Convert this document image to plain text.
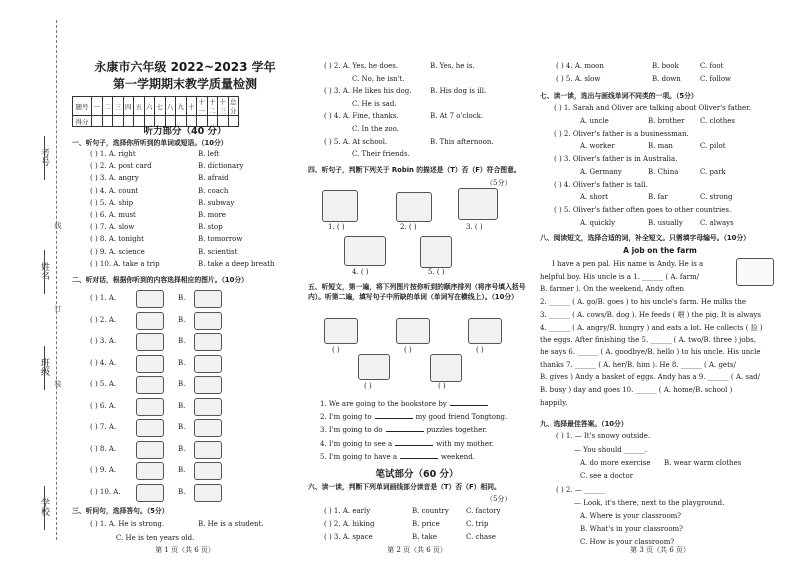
考号
姓名
班级
学校
线
订
装
永康市六年级 2022~2023 学年
第一学期期末教学质量检测
题号	一	二	三	四	五	六	七	八	九	十	十一	十二	十三	总分
得分														
听力部分（40 分）
一、听句子，选择你所听到的单词或短语。（10分）
( ) 1. A. right	B. left
( ) 2. A. post card	B. dictionary
( ) 3. A. angry	B. afraid
( ) 4. A. count	B. coach
( ) 5. A. ship	B. subway
( ) 6. A. must	B. more
( ) 7. A. slow	B. stop
( ) 8. A. tonight	B. tomorrow
( ) 9. A. science	B. scientist
( ) 10. A. take a trip	B. take a deep breath
二、听对话，根据你听到的内容选择相应的图片。（10分）
( ) 1. A.	B.
( ) 2. A.	B.
( ) 3. A.	B.
( ) 4. A.	B.
( ) 5. A.	B.
( ) 6. A.	B.
( ) 7. A.	B.
( ) 8. A.	B.
( ) 9. A.	B.
( ) 10. A.	B.
三、听问句，选择答句。（5分）
( ) 1. A. He is strong.	B. He is a student.
C. He is ten years old.
第 1 页（共 6 页）
( ) 2. A. Yes, he does.	B. Yes, he is.
C. No, he isn't.
( ) 3. A. He likes his dog.	B. His dog is ill.
C. He is sad.
( ) 4. A. Fine, thanks.	B. At 7 o'clock.
C. In the zoo.
( ) 5. A. At school.	B. This afternoon.
C. Their friends.
四、听句子，判断下列关于 Robin 的描述是（T）否（F）符合图意。
（5分）
1. ( )	2. ( )	3. ( )
4. ( )	5. ( )
五、听短文，第一遍，将下列图片按你听到的顺序排列（将序号填入括号内）。听第二遍，填写句子中所缺的单词（单词写在横线上）。（10分）
( )	( )	( )
( )	( )
1. We are going to the bookstore by
2. I'm going to	my good friend Tongtong.
3. I'm going to do	puzzles together.
4. I'm going to see a	with my mother.
5. I'm going to have a	weekend.
笔试部分（60 分）
六、读一读，判断下列单词画线部分读音是（T）否（F）相同。
（5分）
( ) 1. A. early	B. country C. factory
( ) 2. A. hiking	B. price	C. trip
( ) 3. A. space	B. take	C. chase
第 2 页（共 6 页）
( ) 4. A. moon	B. book	C. foot
( ) 5. A. slow	B. down	C. follow
七、读一读，选出与画线单词不同类的一项。（5分）
( ) 1. Sarah and Oliver are talking about Oliver's father.
A. uncle	B. brother C. clothes
( ) 2. Oliver's father is a businessman.
A. worker	B. man	C. pilot
( ) 3. Oliver's father is in Australia.
A. Germany	B. China	C. park
( ) 4. Oliver's father is tall.
A. short	B. far	C. strong
( ) 5. Oliver's father often goes to other countries.
A. quickly	B. usually C. always
八、阅读短文，选择合适的词，补全短文。只需填字母编号。（10分）
A job on the farm
I have a pen pal. His name is Andy. He is a
helpful boy. His uncle is a 1. ______ ( A. farm/
B. farmer ). On the weekend, Andy often
2. ______ ( A. go/B. goes ) to his uncle's farm. He milks the
3. ______ ( A. cows/B. dog ). He feeds ( 喂 ) the pig. It is always
4. ______ ( A. angry/B. hungry ) and eats a lot. He collects ( 捡 )
the eggs. After finishing the 5. ______ ( A. two/B. three ) jobs,
he says 6. ______ ( A. goodbye/B. hello ) to his uncle. His uncle
thanks 7. ______ ( A. her/B. him ). He 8. ______ ( A. gets/
B. gives ) Andy a basket of eggs. Andy has a 9. ______ ( A. sad/
B. busy ) day and goes 10. ______ ( A. home/B. school )
happily.
九、选择最佳答案。（10分）
( ) 1. — It's snowy outside.
— You should ______.
A. do more exercise B. wear warm clothes
C. see a doctor
( ) 2. — ______
— Look, it's there, next to the playground.
A. Where is your classroom?
B. What's in your classroom?
C. How is your classroom?
第 3 页（共 6 页）
